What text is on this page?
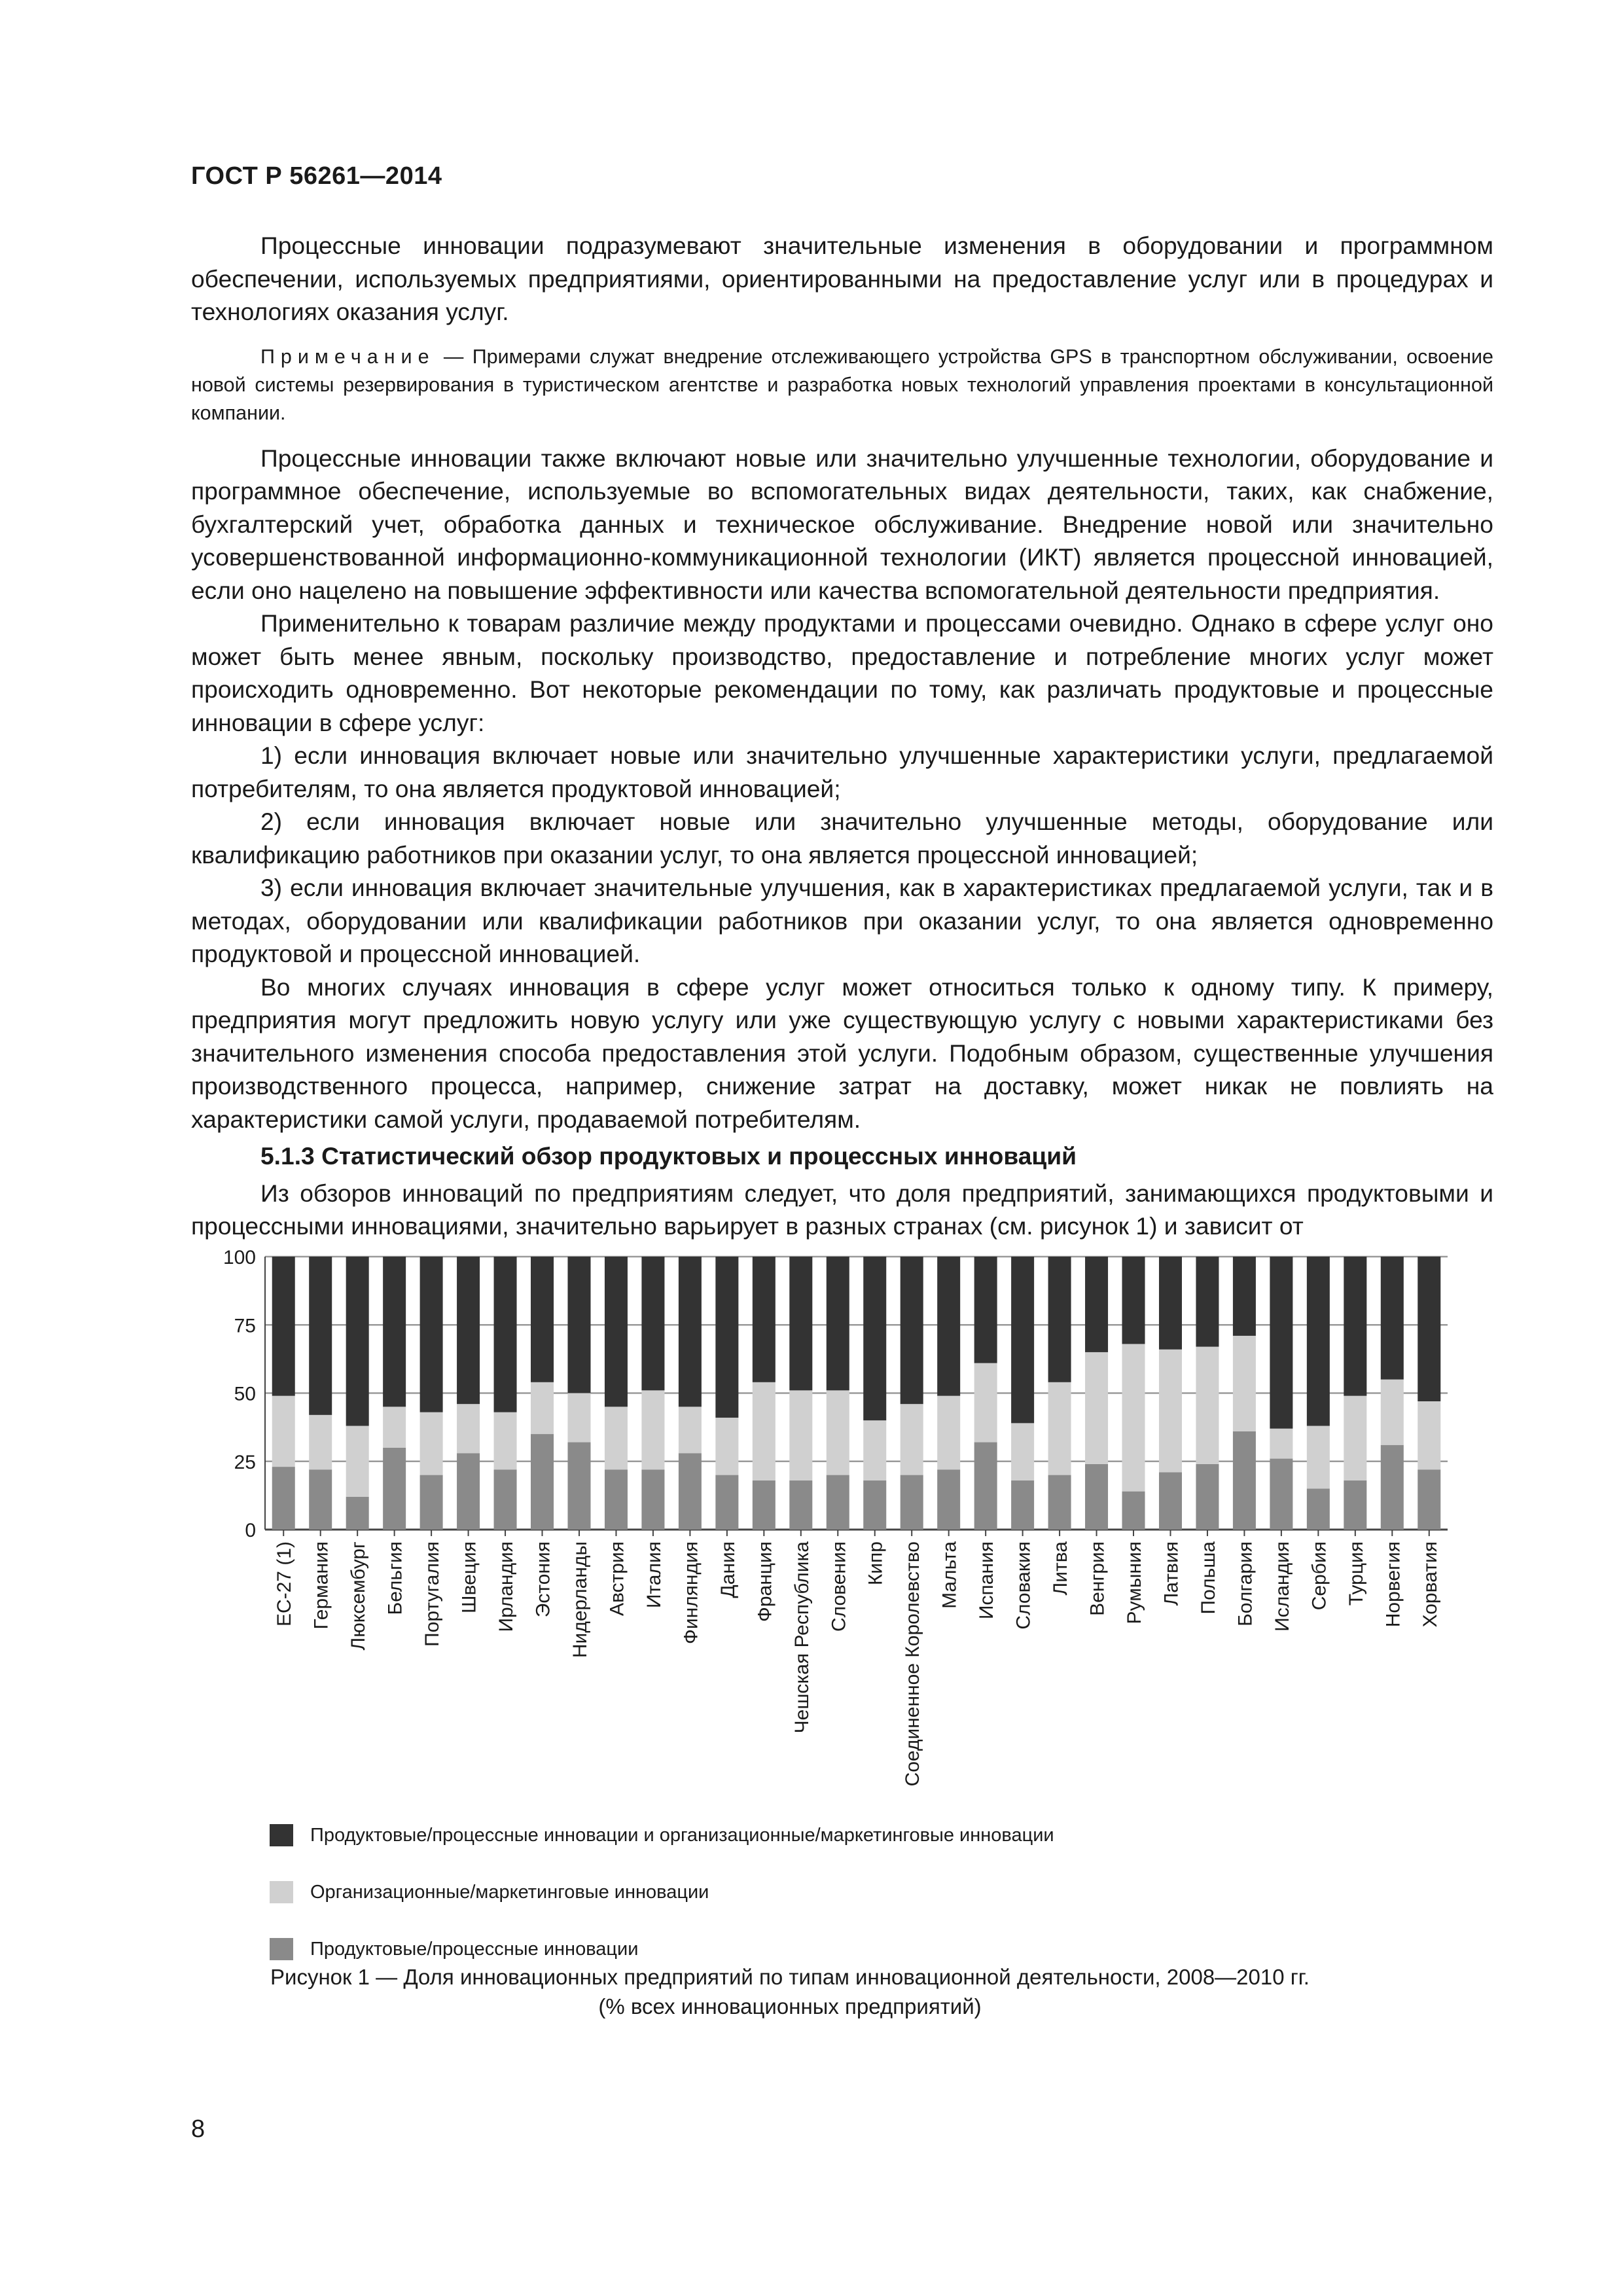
ГОСТ Р 56261—2014

Процессные инновации подразумевают значительные изменения в оборудовании и программном обеспечении, используемых предприятиями, ориентированными на предоставление услуг или в процедурах и технологиях оказания услуг.

Примечание — Примерами служат внедрение отслеживающего устройства GPS в транспортном обслуживании, освоение новой системы резервирования в туристическом агентстве и разработка новых технологий управления проектами в консультационной компании.

Процессные инновации также включают новые или значительно улучшенные технологии, оборудование и программное обеспечение, используемые во вспомогательных видах деятельности, таких, как снабжение, бухгалтерский учет, обработка данных и техническое обслуживание. Внедрение новой или значительно усовершенствованной информационно-коммуникационной технологии (ИКТ) является процессной инновацией, если оно нацелено на повышение эффективности или качества вспомогательной деятельности предприятия.

Применительно к товарам различие между продуктами и процессами очевидно. Однако в сфере услуг оно может быть менее явным, поскольку производство, предоставление и потребление многих услуг может происходить одновременно. Вот некоторые рекомендации по тому, как различать продуктовые и процессные инновации в сфере услуг:

1) если инновация включает новые или значительно улучшенные характеристики услуги, предлагаемой потребителям, то она является продуктовой инновацией;

2) если инновация включает новые или значительно улучшенные методы, оборудование или квалификацию работников при оказании услуг, то она является процессной инновацией;

3) если инновация включает значительные улучшения, как в характеристиках предлагаемой услуги, так и в методах, оборудовании или квалификации работников при оказании услуг, то она является одновременно продуктовой и процессной инновацией.

Во многих случаях инновация в сфере услуг может относиться только к одному типу. К примеру, предприятия могут предложить новую услугу или уже существующую услугу с новыми характеристиками без значительного изменения способа предоставления этой услуги. Подобным образом, существенные улучшения производственного процесса, например, снижение затрат на доставку, может никак не повлиять на характеристики самой услуги, продаваемой потребителям.

5.1.3 Статистический обзор продуктовых и процессных инноваций

Из обзоров инноваций по предприятиям следует, что доля предприятий, занимающихся продуктовыми и процессными инновациями, значительно варьирует в разных странах (см. рисунок 1) и зависит от

0
25
50
75
100
ЕС-27 (1) Германия Люксембург Бельгия Португалия Швеция Ирландия Эстония Нидерланды Австрия Италия Финляндия Дания Франция Чешская Республика Словения Кипр Соединенное Королевство Мальта Испания Словакия Литва Венгрия Румыния Латвия Польша Болгария Исландия Сербия Турция Норвегия Хорватия
Продуктовые/процессные инновации и организационные/маркетинговые инновации
Организационные/маркетинговые инновации
Продуктовые/процессные инновации
Рисунок 1 — Доля инновационных предприятий по типам инновационной деятельности, 2008—2010 гг.
(% всех инновационных предприятий)
8
